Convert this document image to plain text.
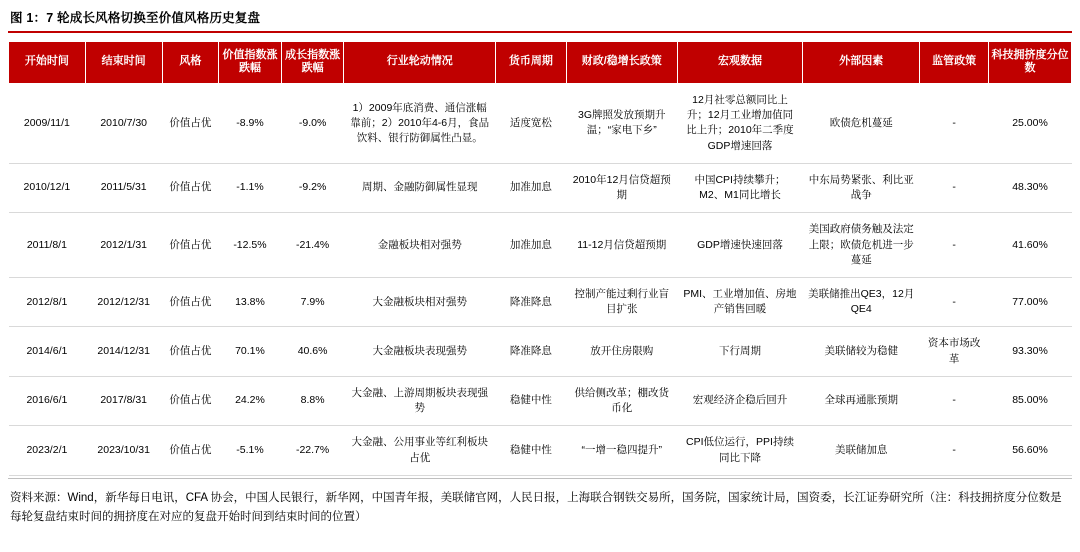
图 1：7 轮成长风格切换至价值风格历史复盘
开始时间	结束时间	风格	价值指数涨跌幅	成长指数涨跌幅	行业轮动情况	货币周期	财政/稳增长政策	宏观数据	外部因素	监管政策	科技拥挤度分位数
2009/11/1	2010/7/30	价值占优	-8.9%	-9.0%	1）2009年底消费、通信涨幅靠前；2）2010年4-6月，食品饮料、银行防御属性凸显。	适度宽松	3G牌照发放预期升温；“家电下乡”	12月社零总额同比上升；12月工业增加值同比上升；2010年二季度GDP增速回落	欧债危机蔓延	-	25.00%
2010/12/1	2011/5/31	价值占优	-1.1%	-9.2%	周期、金融防御属性显现	加准加息	2010年12月信贷超预期	中国CPI持续攀升；M2、M1同比增长	中东局势紧张、利比亚战争	-	48.30%
2011/8/1	2012/1/31	价值占优	-12.5%	-21.4%	金融板块相对强势	加准加息	11-12月信贷超预期	GDP增速快速回落	美国政府债务触及法定上限；欧债危机进一步蔓延	-	41.60%
2012/8/1	2012/12/31	价值占优	13.8%	7.9%	大金融板块相对强势	降准降息	控制产能过剩行业盲目扩张	PMI、工业增加值、房地产销售回暖	美联储推出QE3，12月QE4	-	77.00%
2014/6/1	2014/12/31	价值占优	70.1%	40.6%	大金融板块表现强势	降准降息	放开住房限购	下行周期	美联储较为稳健	资本市场改革	93.30%
2016/6/1	2017/8/31	价值占优	24.2%	8.8%	大金融、上游周期板块表现强势	稳健中性	供给侧改革；棚改货币化	宏观经济企稳后回升	全球再通胀预期	-	85.00%
2023/2/1	2023/10/31	价值占优	-5.1%	-22.7%	大金融、公用事业等红利板块占优	稳健中性	“一增一稳四提升”	CPI低位运行，PPI持续同比下降	美联储加息	-	56.60%
资料来源：Wind，新华每日电讯，CFA 协会，中国人民银行，新华网，中国青年报，美联储官网，人民日报，上海联合钢铁交易所，国务院，国家统计局，国资委，长江证券研究所（注：科技拥挤度分位数是每轮复盘结束时间的拥挤度在对应的复盘开始时间到结束时间的位置）
